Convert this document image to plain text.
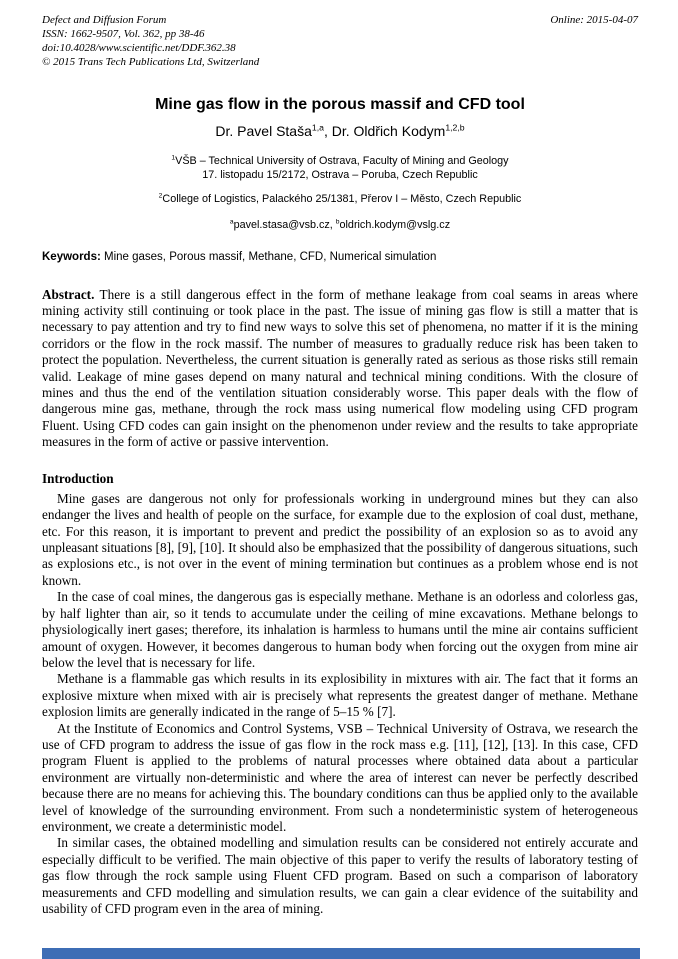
Defect and Diffusion Forum
ISSN: 1662-9507, Vol. 362, pp 38-46
doi:10.4028/www.scientific.net/DDF.362.38
© 2015 Trans Tech Publications Ltd, Switzerland
Online: 2015-04-07
Mine gas flow in the porous massif and CFD tool
Dr. Pavel Staša$^{1,a}$, Dr. Oldřich Kodym$^{1,2,b}$
$^1$VŠB – Technical University of Ostrava, Faculty of Mining and Geology
17. listopadu 15/2172, Ostrava – Poruba, Czech Republic
$^2$College of Logistics, Palackého 25/1381, Přerov I – Město, Czech Republic
$^a$pavel.stasa@vsb.cz, $^b$oldrich.kodym@vslg.cz

Keywords: Mine gases, Porous massif, Methane, CFD, Numerical simulation

Abstract. There is a still dangerous effect in the form of methane leakage from coal seams in areas where mining activity still continuing or took place in the past. The issue of mining gas flow is still a matter that is necessary to pay attention and try to find new ways to solve this set of phenomena, no matter if it is the mining corridors or the flow in the rock massif. The number of measures to gradually reduce risk has been taken to protect the population. Nevertheless, the current situation is generally rated as serious as those risks still remain valid. Leakage of mine gases depend on many natural and technical mining conditions. With the closure of mines and thus the end of the ventilation situation considerably worse. This paper deals with the flow of dangerous mine gas, methane, through the rock mass using numerical flow modeling using CFD program Fluent. Using CFD codes can gain insight on the phenomenon under review and the results to take appropriate measures in the form of active or passive intervention.

Introduction

Mine gases are dangerous not only for professionals working in underground mines but they can also endanger the lives and health of people on the surface, for example due to the explosion of coal dust, methane, etc. For this reason, it is important to prevent and predict the possibility of an explosion so as to avoid any unpleasant situations [8], [9], [10]. It should also be emphasized that the possibility of dangerous situations, such as explosions etc., is not over in the event of mining termination but continues as a problem whose end is not known.

In the case of coal mines, the dangerous gas is especially methane. Methane is an odorless and colorless gas, by half lighter than air, so it tends to accumulate under the ceiling of mine excavations. Methane belongs to physiologically inert gases; therefore, its inhalation is harmless to humans until the mine air contains sufficient amount of oxygen. However, it becomes dangerous to human body when forcing out the oxygen from mine air below the level that is necessary for life.

Methane is a flammable gas which results in its explosibility in mixtures with air. The fact that it forms an explosive mixture when mixed with air is precisely what represents the greatest danger of methane. Methane explosion limits are generally indicated in the range of 5–15 % [7].

At the Institute of Economics and Control Systems, VSB – Technical University of Ostrava, we research the use of CFD program to address the issue of gas flow in the rock mass e.g. [11], [12], [13]. In this case, CFD program Fluent is applied to the problems of natural processes where obtained data about a particular environment are virtually non-deterministic and where the area of interest can never be perfectly described because there are no means for achieving this. The boundary conditions can thus be applied only to the available level of knowledge of the surrounding environment. From such a nondeterministic system of heterogeneous environment, we create a deterministic model.

In similar cases, the obtained modelling and simulation results can be considered not entirely accurate and especially difficult to be verified. The main objective of this paper to verify the results of laboratory testing of gas flow through the rock sample using Fluent CFD program. Based on such a comparison of laboratory measurements and CFD modelling and simulation results, we can gain a clear evidence of the suitability and usability of CFD program even in the area of mining.
